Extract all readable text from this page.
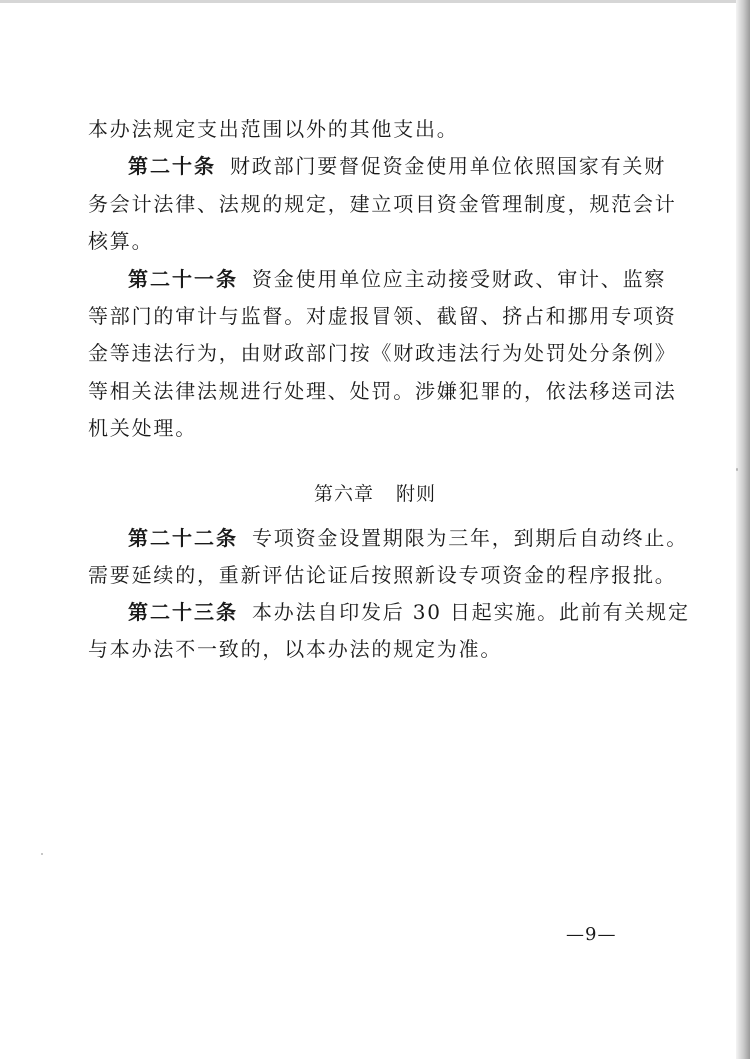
本办法规定支出范围以外的其他支出。
第二十条 财政部门要督促资金使用单位依照国家有关财
务会计法律、法规的规定，建立项目资金管理制度，规范会计
核算。
第二十一条 资金使用单位应主动接受财政、审计、监察
等部门的审计与监督。对虚报冒领、截留、挤占和挪用专项资
金等违法行为，由财政部门按《财政违法行为处罚处分条例》
等相关法律法规进行处理、处罚。涉嫌犯罪的，依法移送司法
机关处理。
第六章 附则
第二十二条 专项资金设置期限为三年，到期后自动终止。
需要延续的，重新评估论证后按照新设专项资金的程序报批。
第二十三条 本办法自印发后 30 日起实施。此前有关规定
与本办法不一致的，以本办法的规定为准。
—9—
